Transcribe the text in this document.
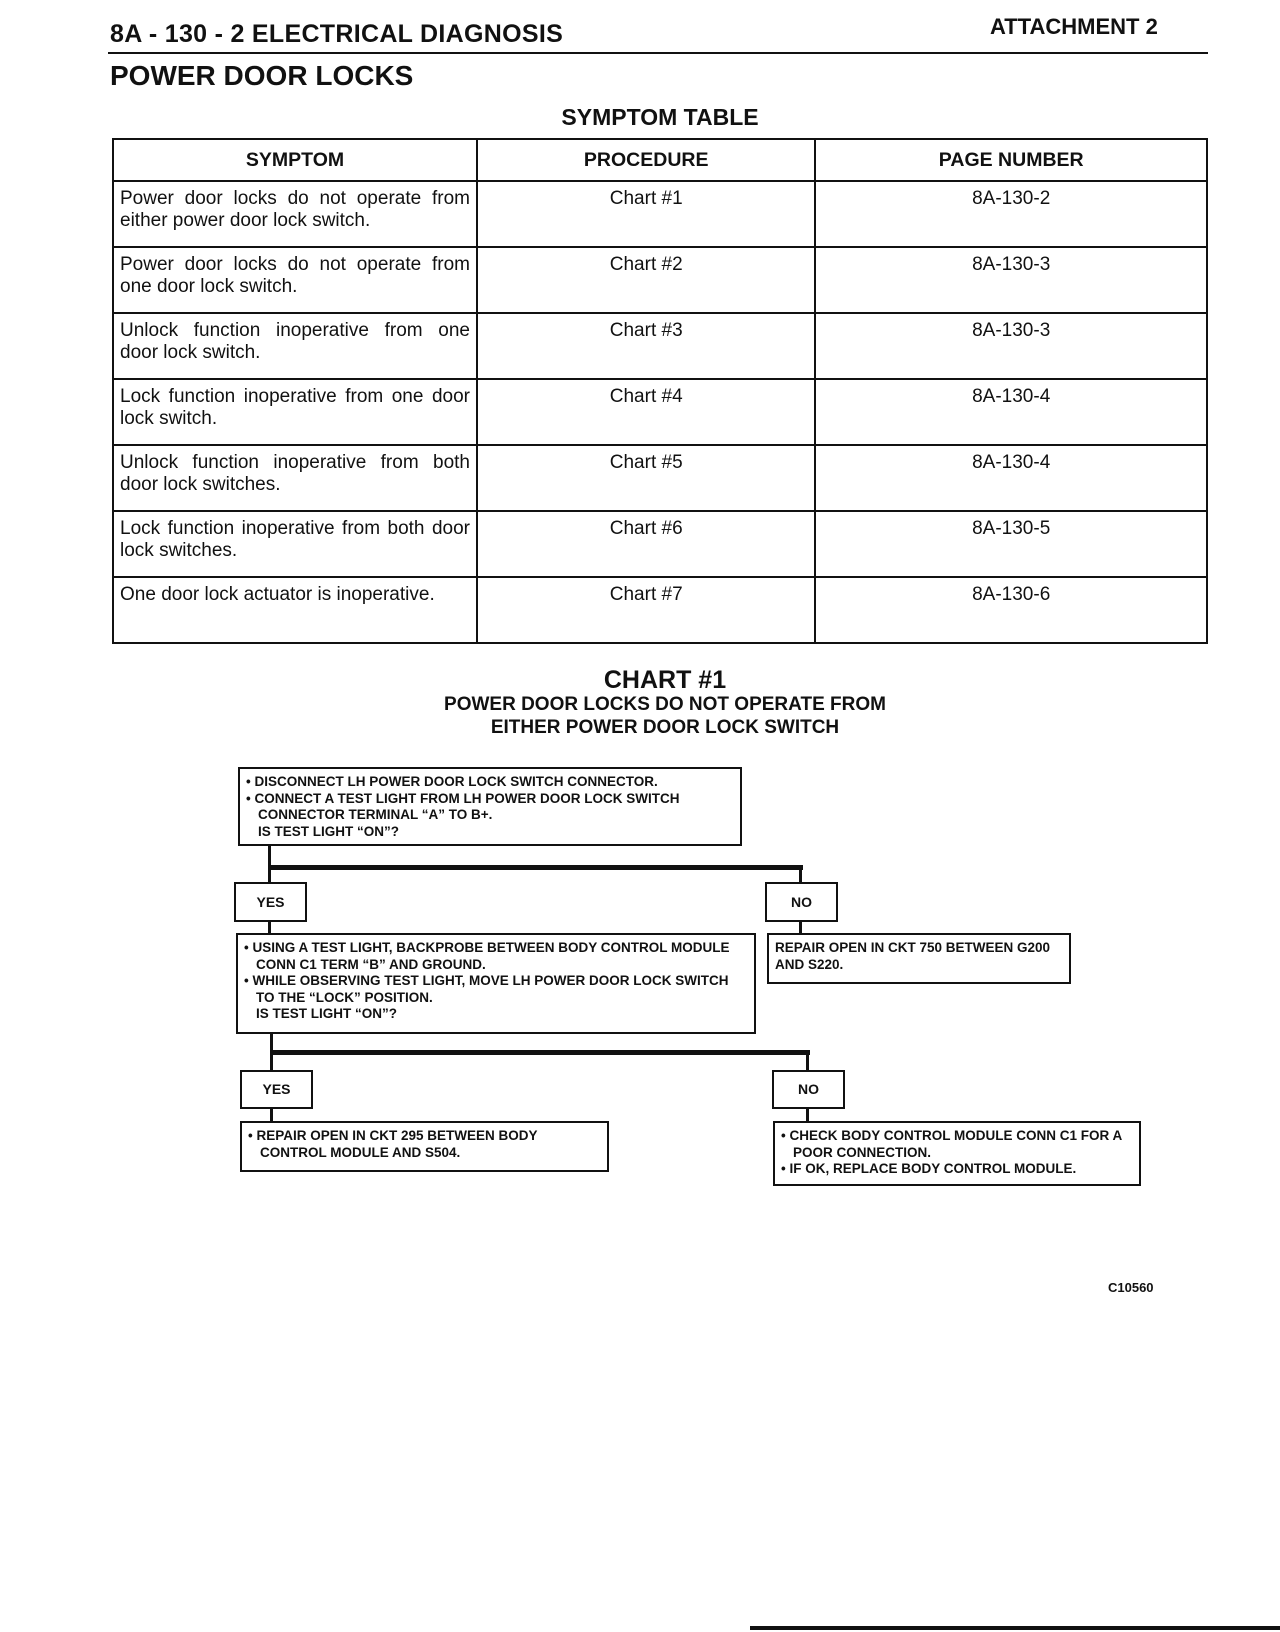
8A - 130 - 2 ELECTRICAL DIAGNOSIS	ATTACHMENT 2
POWER DOOR LOCKS
SYMPTOM TABLE
SYMPTOM	PROCEDURE	PAGE NUMBER
Power door locks do not operate from either power door lock switch.	Chart #1	8A-130-2
Power door locks do not operate from one door lock switch.	Chart #2	8A-130-3
Unlock function inoperative from one door lock switch.	Chart #3	8A-130-3
Lock function inoperative from one door lock switch.	Chart #4	8A-130-4
Unlock function inoperative from both door lock switches.	Chart #5	8A-130-4
Lock function inoperative from both door lock switches.	Chart #6	8A-130-5
One door lock actuator is inoperative.	Chart #7	8A-130-6
CHART #1
POWER DOOR LOCKS DO NOT OPERATE FROM
EITHER POWER DOOR LOCK SWITCH
• DISCONNECT LH POWER DOOR LOCK SWITCH CONNECTOR.
• CONNECT A TEST LIGHT FROM LH POWER DOOR LOCK SWITCH CONNECTOR TERMINAL “A” TO B+.
IS TEST LIGHT “ON”?
YES	NO
REPAIR OPEN IN CKT 750 BETWEEN G200 AND S220.
• USING A TEST LIGHT, BACKPROBE BETWEEN BODY CONTROL MODULE CONN C1 TERM “B” AND GROUND.
• WHILE OBSERVING TEST LIGHT, MOVE LH POWER DOOR LOCK SWITCH TO THE “LOCK” POSITION.
IS TEST LIGHT “ON”?
YES	NO
• REPAIR OPEN IN CKT 295 BETWEEN BODY CONTROL MODULE AND S504.
• CHECK BODY CONTROL MODULE CONN C1 FOR A POOR CONNECTION.
• IF OK, REPLACE BODY CONTROL MODULE.
C10560
